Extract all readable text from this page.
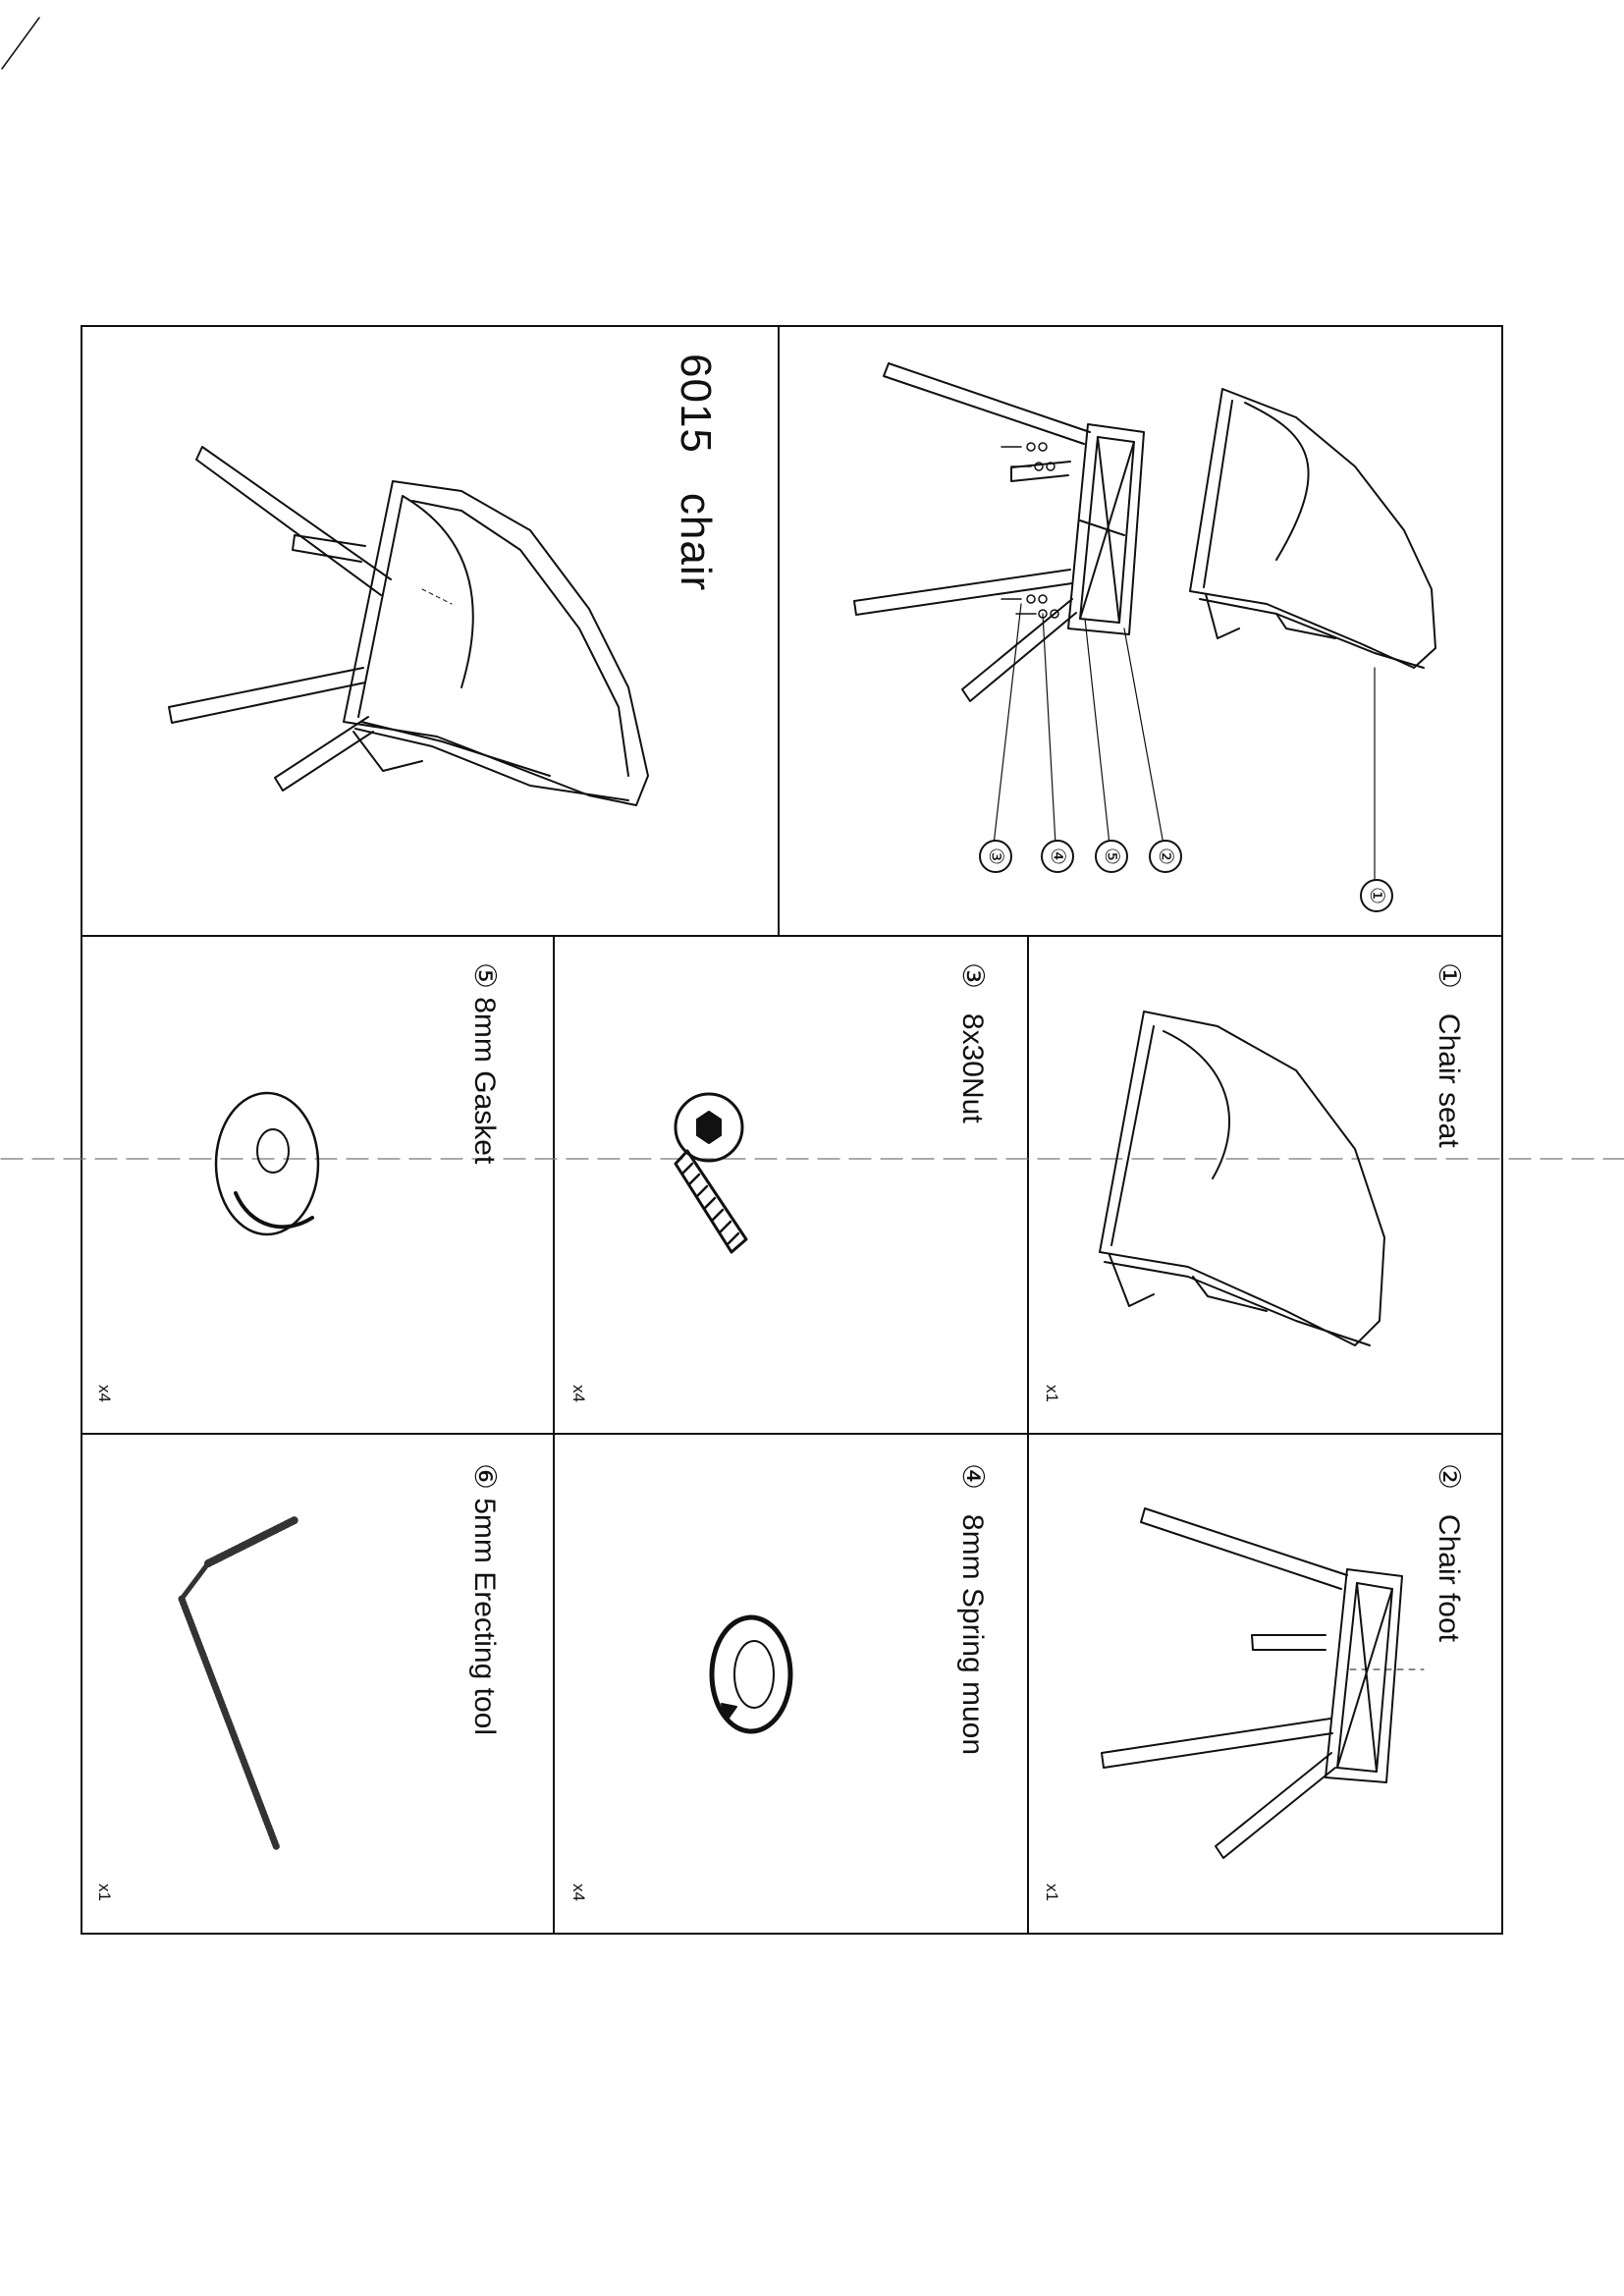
6015chair
①
②
⑤
④
③
①   Chair seat
x1
②   Chair foot
x1
③   8x30Nut
x4
④   8mm Spring muon
x4
⑤ 8mm Gasket
x4
⑥ 5mm Erecting tool
x1
